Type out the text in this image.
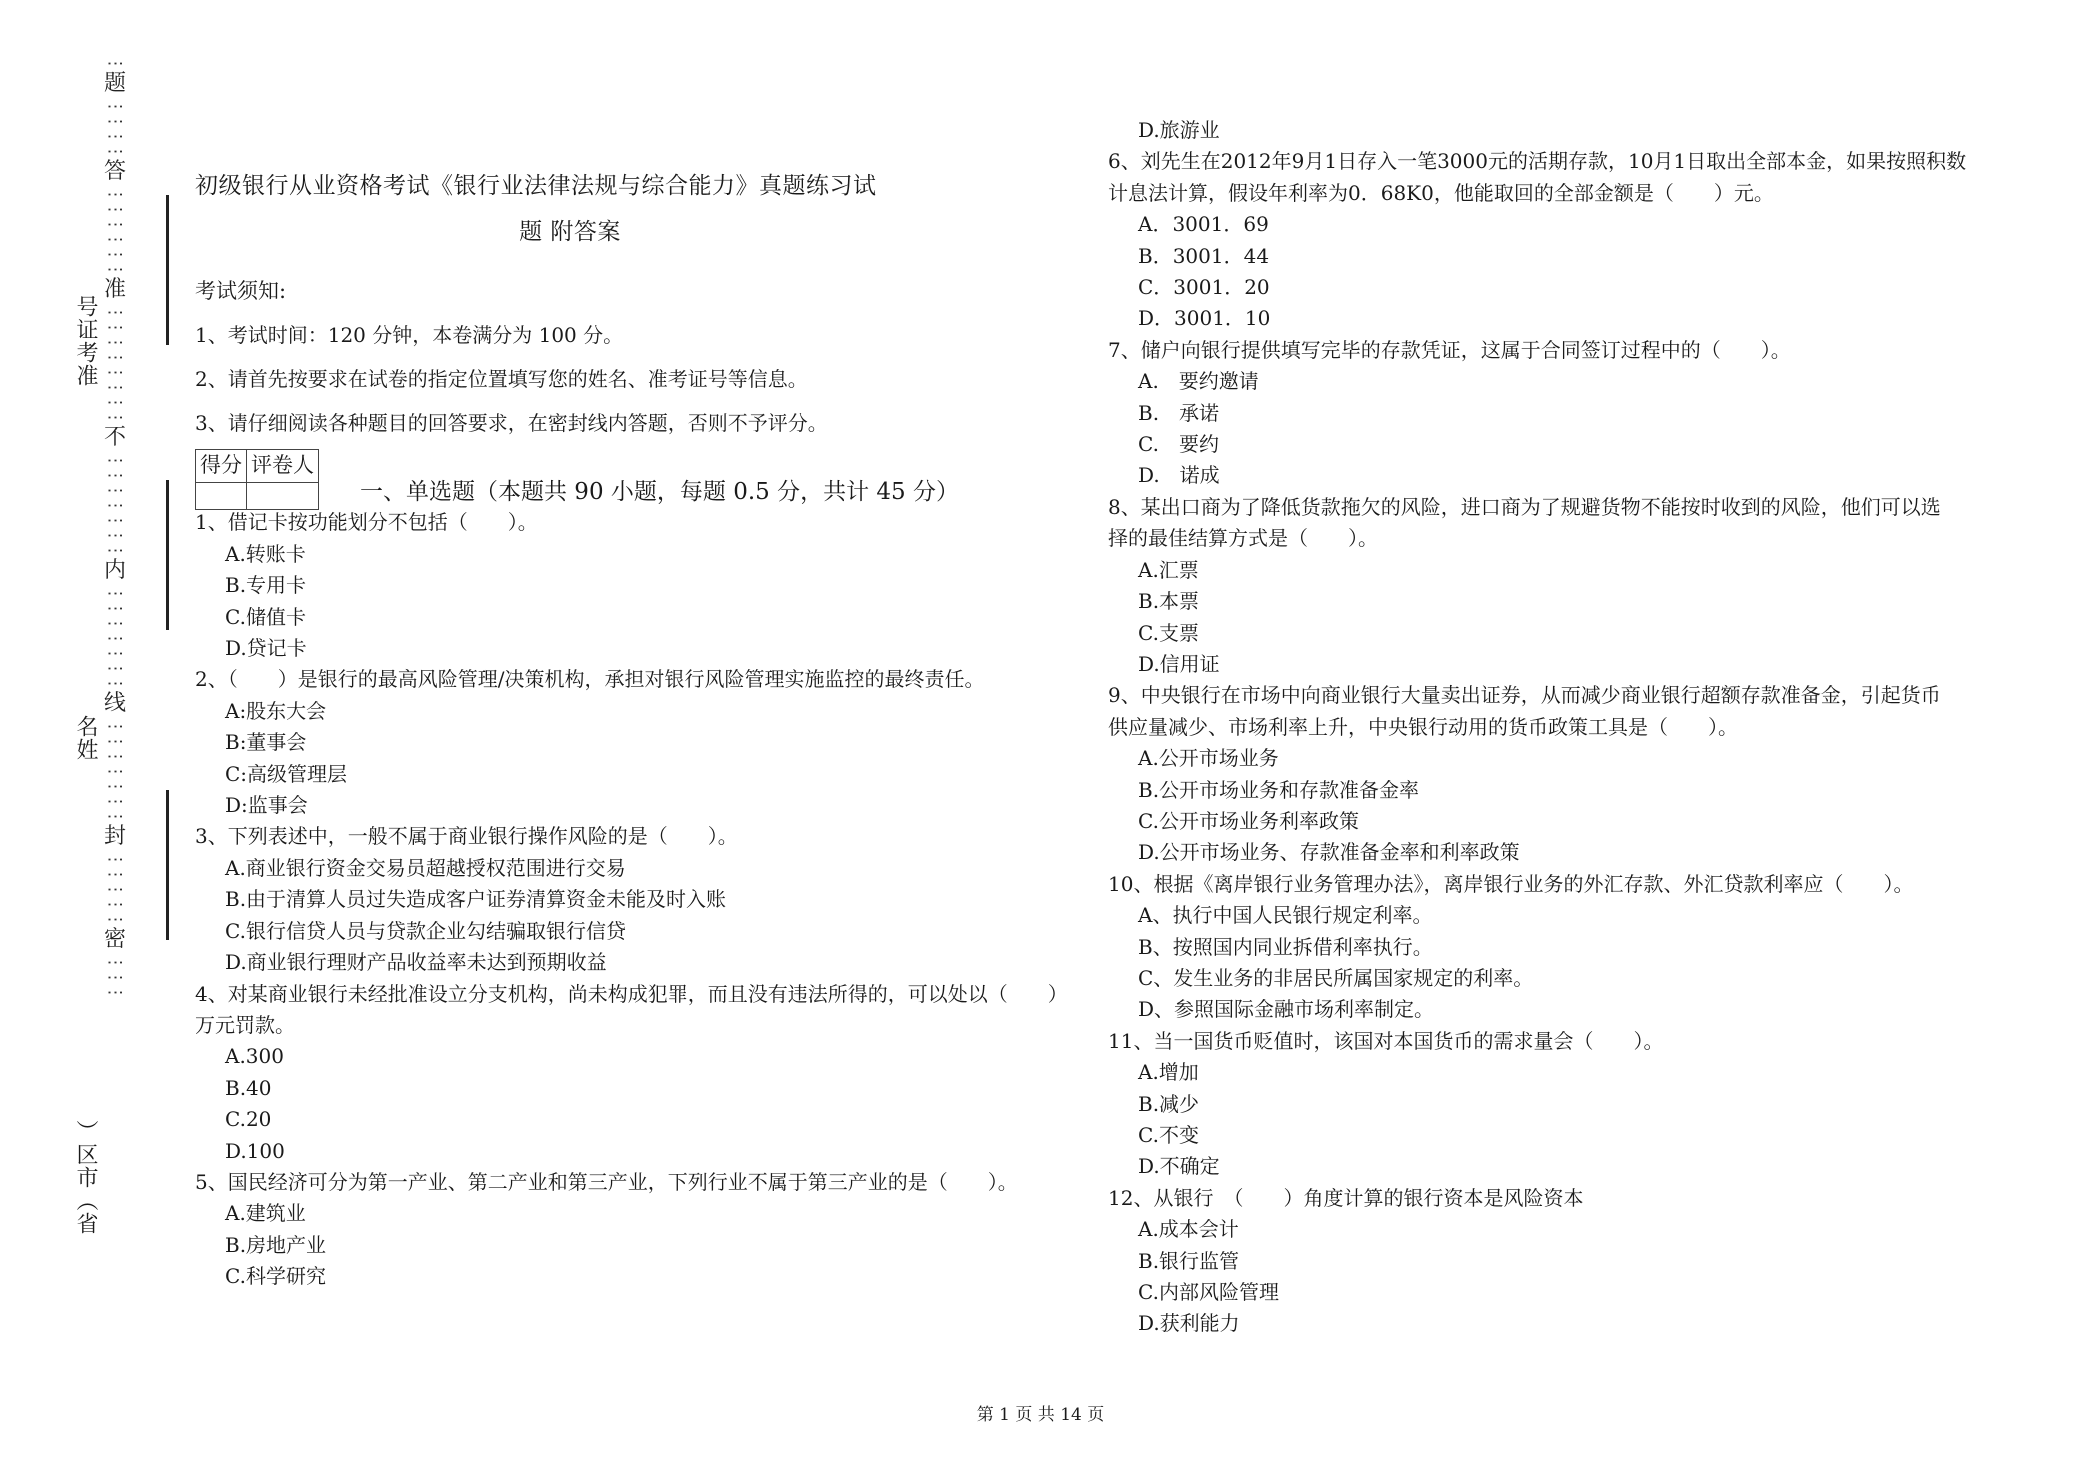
⋮
题
⋮⋮⋮⋮
答
⋮⋮⋮⋮⋮⋮
准
⋮⋮⋮⋮⋮⋮⋮⋮
不
⋮⋮⋮⋮⋮⋮⋮
内
⋮⋮⋮⋮⋮⋮⋮
线
⋮⋮⋮⋮⋮⋮⋮
封
⋮⋮⋮⋮⋮
密
⋮⋮⋮
号证考准
名姓
）区市（省
初级银行从业资格考试《银行业法律法规与综合能力》真题练习试
题 附答案

考试须知:

1、考试时间：120 分钟，本卷满分为 100 分。

2、请首先按要求在试卷的指定位置填写您的姓名、准考证号等信息。

3、请仔细阅读各种题目的回答要求，在密封线内答题，否则不予评分。

得分	评卷人

一、单选题（本题共 90 小题，每题 0.5 分，共计 45 分）

1、借记卡按功能划分不包括（　　）。

A.转账卡

B.专用卡

C.储值卡

D.贷记卡

2、（　　）是银行的最高风险管理/决策机构，承担对银行风险管理实施监控的最终责任。

A:股东大会

B:董事会

C:高级管理层

D:监事会

3、下列表述中，一般不属于商业银行操作风险的是（　　）。

A.商业银行资金交易员超越授权范围进行交易

B.由于清算人员过失造成客户证券清算资金未能及时入账

C.银行信贷人员与贷款企业勾结骗取银行信贷

D.商业银行理财产品收益率未达到预期收益

4、对某商业银行未经批准设立分支机构，尚未构成犯罪，而且没有违法所得的，可以处以（　　）

万元罚款。

A.300

B.40

C.20

D.100

5、国民经济可分为第一产业、第二产业和第三产业，下列行业不属于第三产业的是（　　）。

A.建筑业

B.房地产业

C.科学研究

D.旅游业

6、刘先生在2012年9月1日存入一笔3000元的活期存款，10月1日取出全部本金，如果按照积数

计息法计算，假设年利率为0．68K0，他能取回的全部金额是（　　）元。

A．3001．69

B．3001．44

C．3001．20

D．3001．10

7、储户向银行提供填写完毕的存款凭证，这属于合同签订过程中的（　　）。

A.　要约邀请

B.　承诺

C.　要约

D.　诺成

8、某出口商为了降低货款拖欠的风险，进口商为了规避货物不能按时收到的风险，他们可以选

择的最佳结算方式是（　　）。

A.汇票

B.本票

C.支票

D.信用证

9、中央银行在市场中向商业银行大量卖出证券，从而减少商业银行超额存款准备金，引起货币

供应量减少、市场利率上升，中央银行动用的货币政策工具是（　　）。

A.公开市场业务

B.公开市场业务和存款准备金率

C.公开市场业务利率政策

D.公开市场业务、存款准备金率和利率政策

10、根据《离岸银行业务管理办法》，离岸银行业务的外汇存款、外汇贷款利率应（　　）。

A、执行中国人民银行规定利率。

B、按照国内同业拆借利率执行。

C、发生业务的非居民所属国家规定的利率。

D、参照国际金融市场利率制定。

11、当一国货币贬值时，该国对本国货币的需求量会（　　）。

A.增加

B.减少

C.不变

D.不确定

12、从银行　（　　）角度计算的银行资本是风险资本

A.成本会计

B.银行监管

C.内部风险管理

D.获利能力

第 1 页 共 14 页
